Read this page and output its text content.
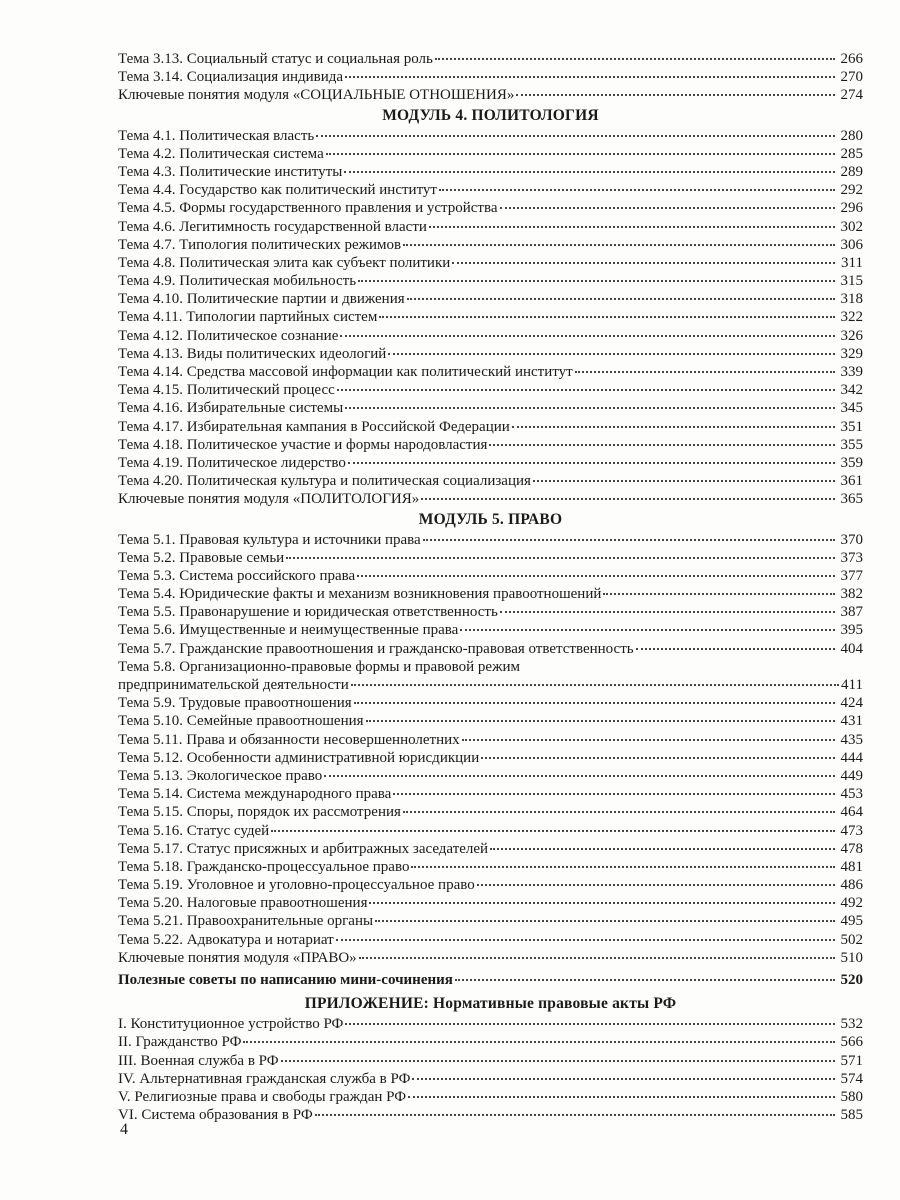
Тема 3.13. Социальный статус и социальная роль	266
Тема 3.14. Социализация индивида	270
Ключевые понятия модуля «СОЦИАЛЬНЫЕ ОТНОШЕНИЯ»	274
МОДУЛЬ 4. ПОЛИТОЛОГИЯ
Тема 4.1. Политическая власть	280
Тема 4.2. Политическая система	285
Тема 4.3. Политические институты	289
Тема 4.4. Государство как политический институт	292
Тема 4.5. Формы государственного правления и устройства	296
Тема 4.6. Легитимность государственной власти	302
Тема 4.7. Типология политических режимов	306
Тема 4.8. Политическая элита как субъект политики	311
Тема 4.9. Политическая мобильность	315
Тема 4.10. Политические партии и движения	318
Тема 4.11. Типологии партийных систем	322
Тема 4.12. Политическое сознание	326
Тема 4.13. Виды политических идеологий	329
Тема 4.14. Средства массовой информации как политический институт	339
Тема 4.15. Политический процесс	342
Тема 4.16. Избирательные системы	345
Тема 4.17. Избирательная кампания в Российской Федерации	351
Тема 4.18. Политическое участие и формы народовластия	355
Тема 4.19. Политическое лидерство	359
Тема 4.20. Политическая культура и политическая социализация	361
Ключевые понятия модуля «ПОЛИТОЛОГИЯ»	365
МОДУЛЬ 5. ПРАВО
Тема 5.1. Правовая культура и источники права	370
Тема 5.2. Правовые семьи	373
Тема 5.3. Система российского права	377
Тема 5.4. Юридические факты и механизм возникновения правоотношений	382
Тема 5.5. Правонарушение и юридическая ответственность	387
Тема 5.6. Имущественные и неимущественные права	395
Тема 5.7. Гражданские правоотношения и гражданско-правовая ответственность	404
Тема 5.8. Организационно-правовые формы и правовой режим
предпринимательской деятельности	411
Тема 5.9. Трудовые правоотношения	424
Тема 5.10. Семейные правоотношения	431
Тема 5.11. Права и обязанности несовершеннолетних	435
Тема 5.12. Особенности административной юрисдикции	444
Тема 5.13. Экологическое право	449
Тема 5.14. Система международного права	453
Тема 5.15. Споры, порядок их рассмотрения	464
Тема 5.16. Статус судей	473
Тема 5.17. Статус присяжных и арбитражных заседателей	478
Тема 5.18. Гражданско-процессуальное право	481
Тема 5.19. Уголовное и уголовно-процессуальное право	486
Тема 5.20. Налоговые правоотношения	492
Тема 5.21. Правоохранительные органы	495
Тема 5.22. Адвокатура и нотариат	502
Ключевые понятия модуля «ПРАВО»	510
Полезные советы по написанию мини-сочинения	520
ПРИЛОЖЕНИЕ: Нормативные правовые акты РФ
I. Конституционное устройство РФ	532
II. Гражданство РФ	566
III. Военная служба в РФ	571
IV. Альтернативная гражданская служба в РФ	574
V. Религиозные права и свободы граждан РФ	580
VI. Система образования в РФ	585
4
